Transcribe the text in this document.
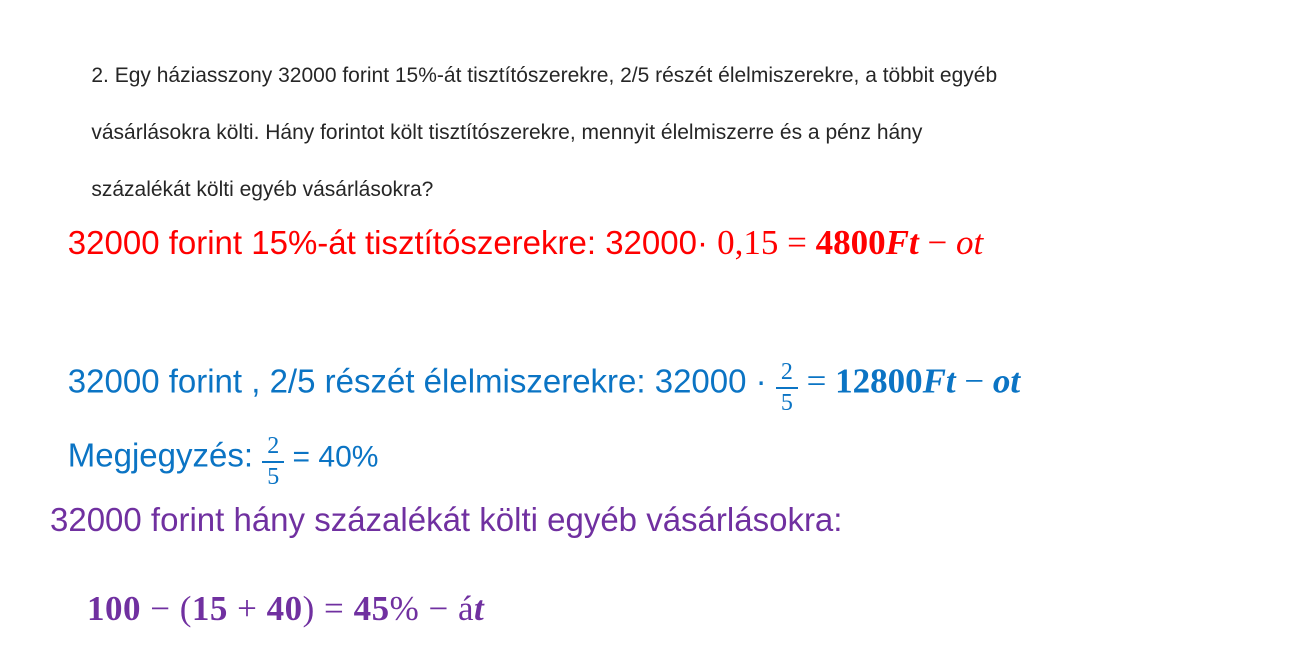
2. Egy háziasszony 32000 forint 15%-át tisztítószerekre, 2/5 részét élelmiszerekre, a többit egyéb

vásárlásokra költi. Hány forintot költ tisztítószerekre, mennyit élelmiszerre és a pénz hány

százalékát költi egyéb vásárlásokra?

32000 forint 15%-át tisztítószerekre: 32000· 0,15 = 4800Ft − ot

32000 forint , 2/5 részét élelmiszerekre: $32000 \cdot \frac{2}{5} = 12800Ft$ − ot

Megjegyzés: $\frac{2}{5} = 40\%$

32000 forint hány százalékát költi egyéb vásárlásokra:

100 − (15 + 40) = 45% − át
